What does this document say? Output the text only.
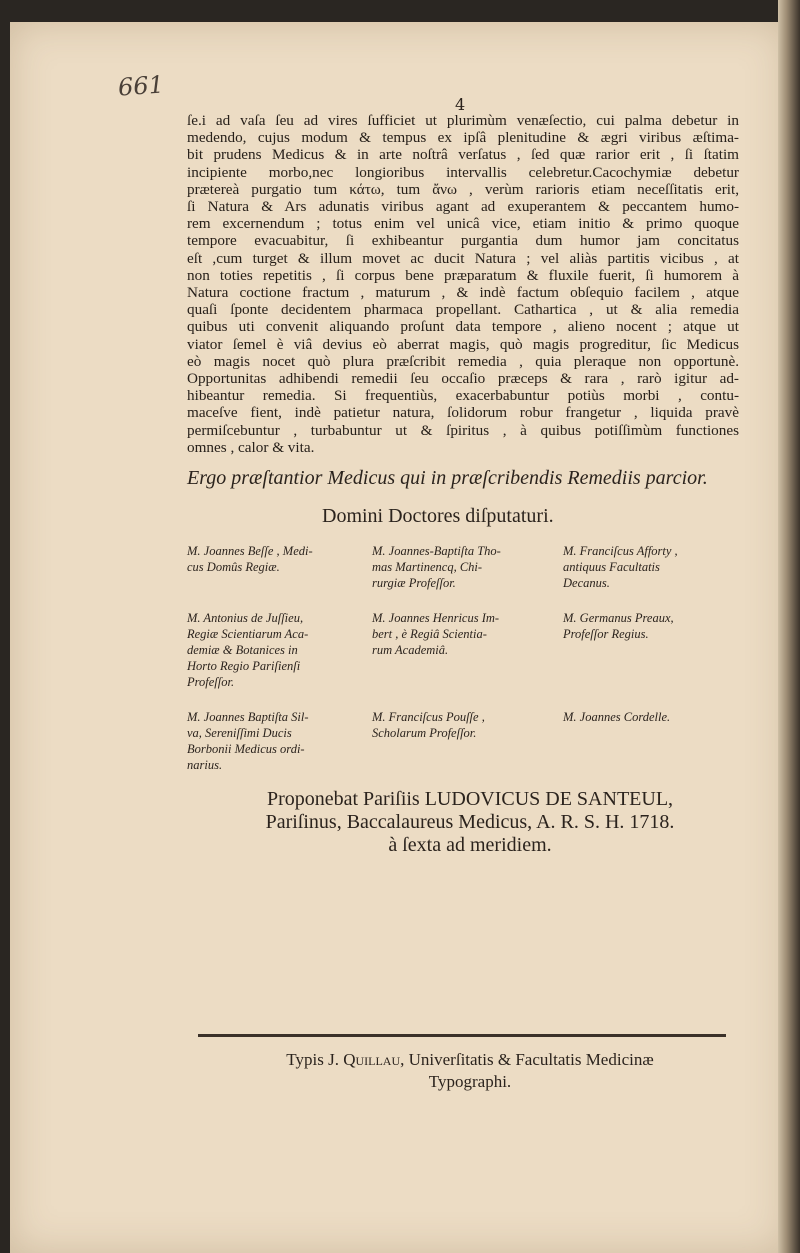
661
4
ſe.i ad vaſa ſeu ad vires ſufficiet ut plurimùm venæſectio, cui palma debetur in
medendo, cujus modum & tempus ex ipſâ plenitudine & ægri viribus æſtima-
bit prudens Medicus & in arte noſtrâ verſatus , ſed quæ rarior erit , ſi ſtatim
incipiente morbo,nec longioribus intervallis celebretur.Cacochymiæ debetur
prætereà purgatio tum κάτω, tum ἄνω , verùm rarioris etiam neceſſitatis erit,
ſi Natura & Ars adunatis viribus agant ad exuperantem & peccantem humo-
rem excernendum ; totus enim vel unicâ vice, etiam initio & primo quoque
tempore evacuabitur, ſi exhibeantur purgantia dum humor jam concitatus
eſt ,cum turget & illum movet ac ducit Natura ; vel aliàs partitis vicibus , at
non toties repetitis , ſi corpus bene præparatum & fluxile fuerit, ſi humorem à
Natura coctione fractum , maturum , & indè factum obſequio facilem , atque
quaſi ſponte decidentem pharmaca propellant. Cathartica , ut & alia remedia
quibus uti convenit aliquando proſunt data tempore , alieno nocent ; atque ut
viator ſemel è viâ devius eò aberrat magis, quò magis progreditur, ſic Medicus
eò magis nocet quò plura præſcribit remedia , quia pleraque non opportunè.
Opportunitas adhibendi remedii ſeu occaſio præceps & rara , rarò igitur ad-
hibeantur remedia. Si frequentiùs, exacerbabuntur potiùs morbi , contu-
maceſve fient, indè patietur natura, ſolidorum robur frangetur , liquida pravè
permiſcebuntur , turbabuntur ut & ſpiritus , à quibus potiſſimùm functiones
omnes , calor & vita.
Ergo præſtantior Medicus qui in præſcribendis Remediis parcior.
Domini Doctores diſputaturi.
M. Joannes Beſſe , Medi-
cus Domûs Regiæ.
M. Joannes-Baptiſta Tho-
mas Martinencq, Chi-
rurgiæ Profeſſor.
M. Franciſcus Afforty ,
antiquus Facultatis
Decanus.
M. Antonius de Juſſieu,
Regiæ Scientiarum Aca-
demiæ & Botanices in
Horto Regio Pariſienſi
Profeſſor.
M. Joannes Henricus Im-
bert , è Regiâ Scientia-
rum Academiâ.
M. Germanus Preaux,
Profeſſor Regius.
M. Joannes Baptiſta Sil-
va, Sereniſſimi Ducis
Borbonii Medicus ordi-
narius.
M. Franciſcus Pouſſe ,
Scholarum Profeſſor.
M. Joannes Cordelle.
Proponebat Pariſiis LUDOVICUS DE SANTEUL,
Pariſinus, Baccalaureus Medicus, A. R. S. H. 1718.
à ſexta ad meridiem.
Typis J. Quillau, Univerſitatis & Facultatis Medicinæ
Typographi.
